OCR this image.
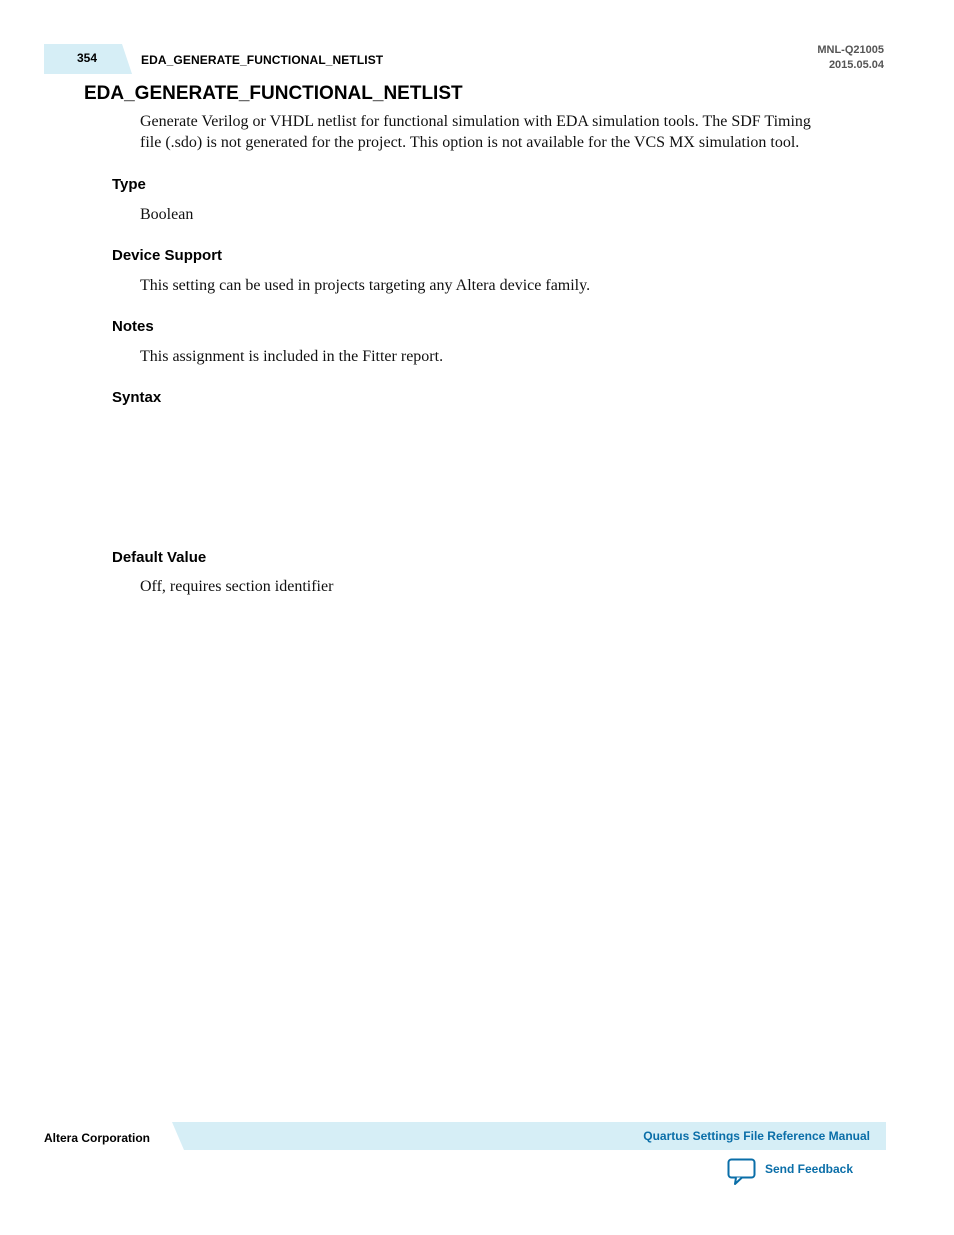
354	EDA_GENERATE_FUNCTIONAL_NETLIST
MNL-Q21005
2015.05.04
EDA_GENERATE_FUNCTIONAL_NETLIST

Generate Verilog or VHDL netlist for functional simulation with EDA simulation tools. The SDF Timing
file (.sdo) is not generated for the project. This option is not available for the VCS MX simulation tool.

Type

Boolean

Device Support

This setting can be used in projects targeting any Altera device family.

Notes

This assignment is included in the Fitter report.

Syntax

Default Value

Off, requires section identifier

Altera Corporation	Quartus Settings File Reference Manual
Send Feedback
